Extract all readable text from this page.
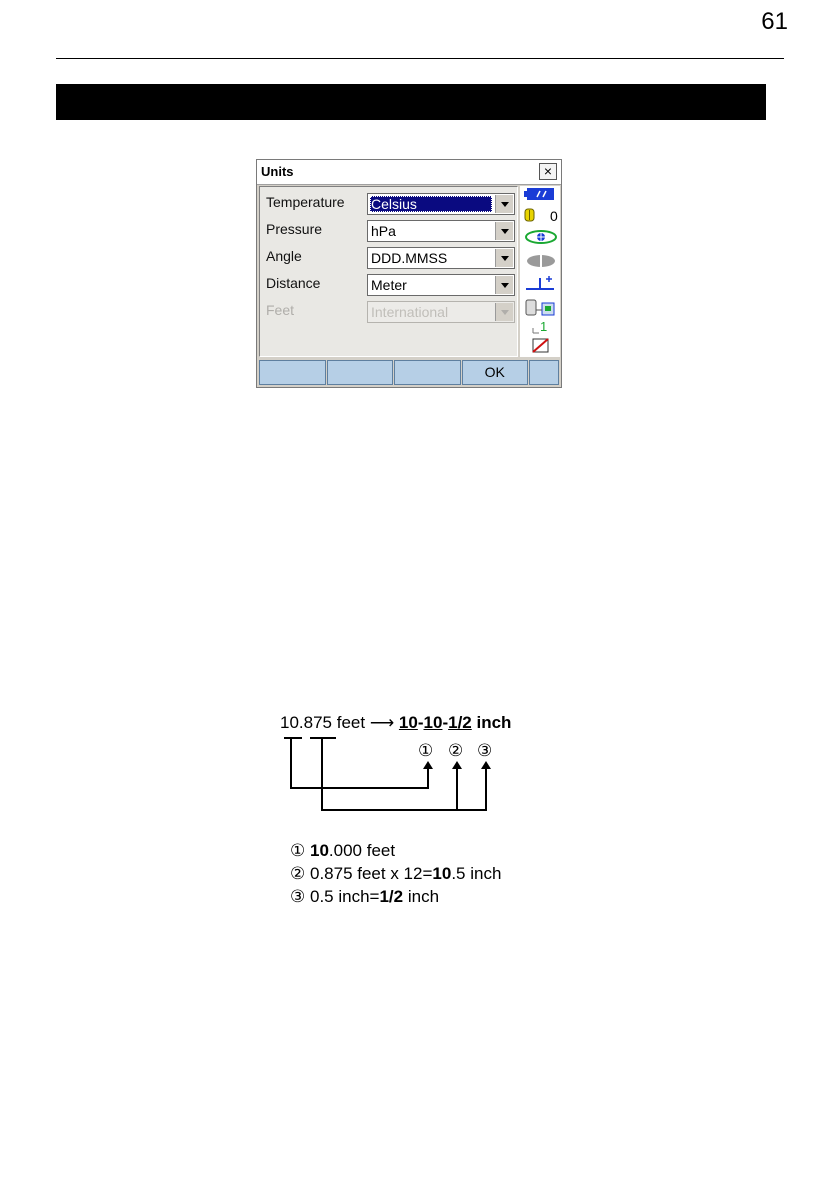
61
Units	×
Temperature Celsius
Pressure	hPa
Angle	DDD.MMSS
Distance	Meter
Feet	International
0
1
OK
10.875 feet ⟶ 10-10-1/2 inch
① ② ③
① 10.000 feet
② 0.875 feet x 12=10.5 inch
③ 0.5 inch=1/2 inch
